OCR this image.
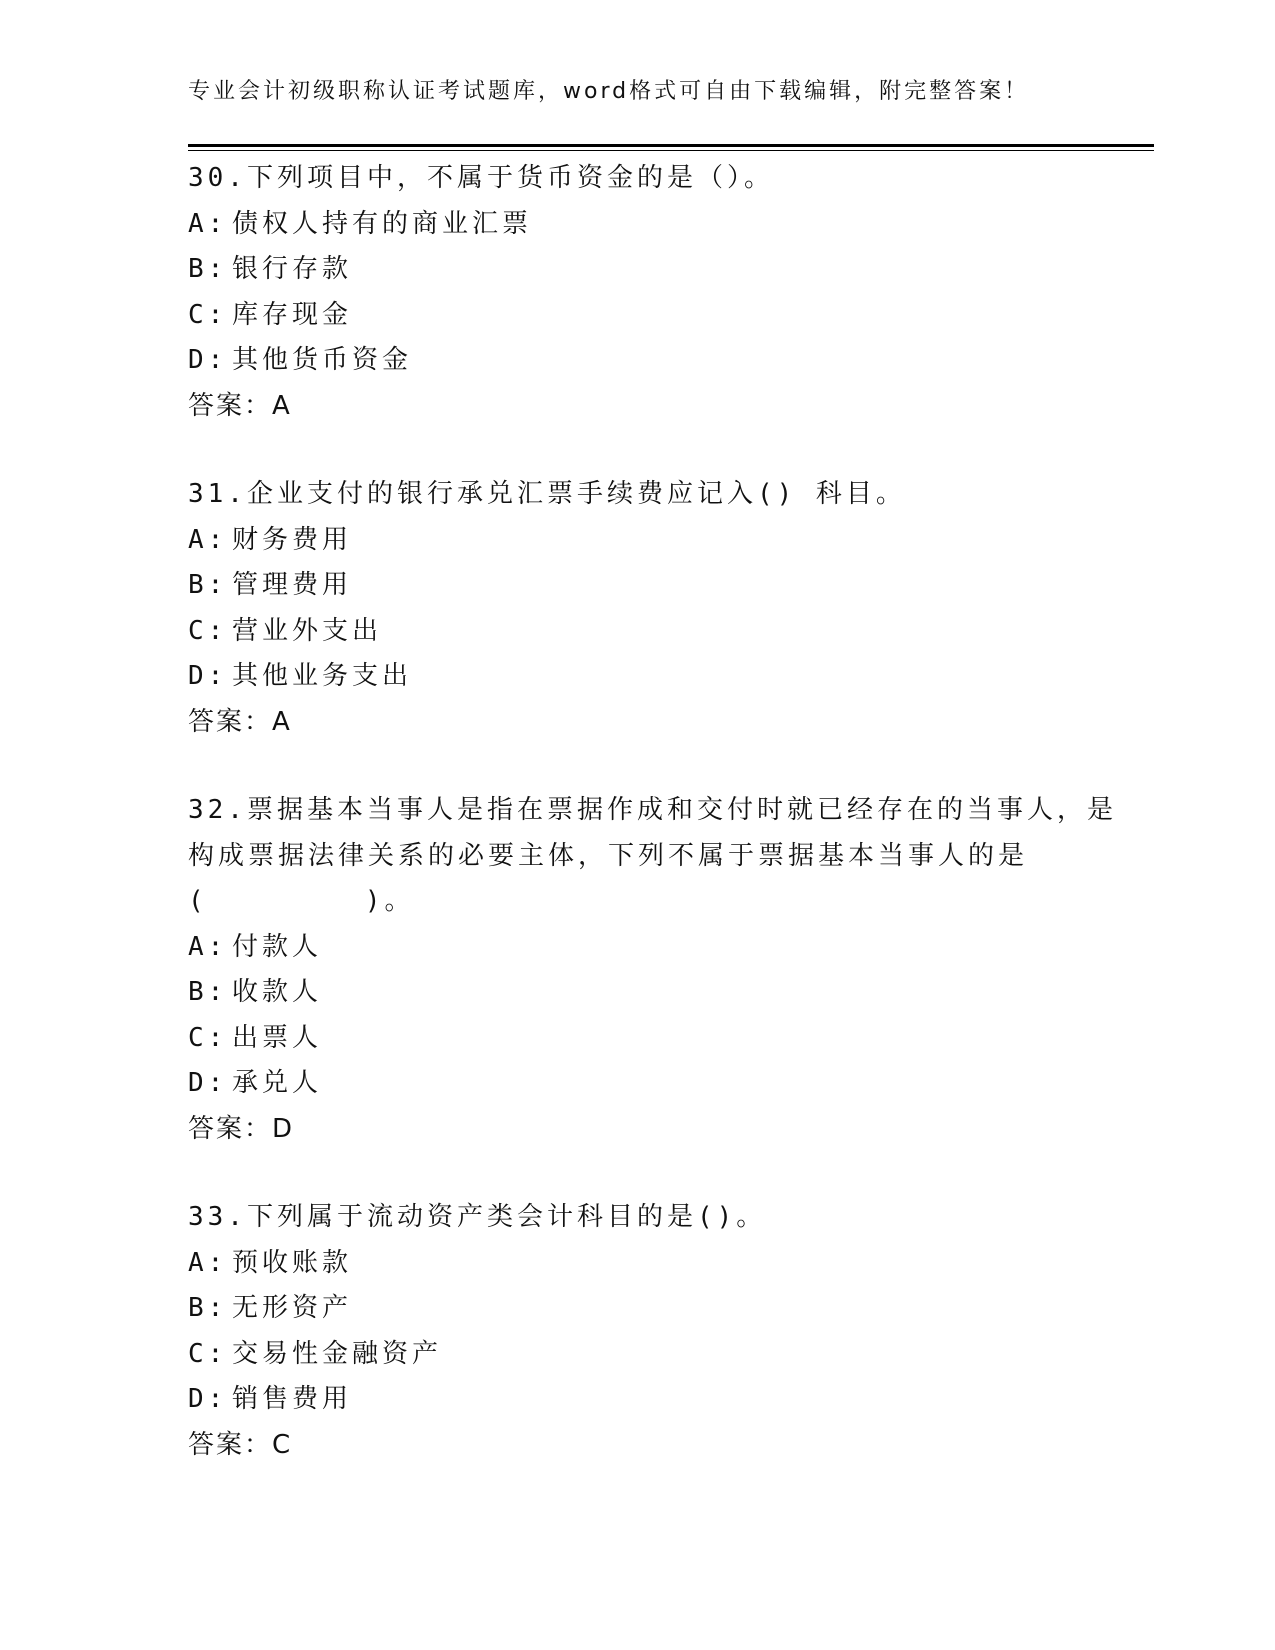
专业会计初级职称认证考试题库，word格式可自由下载编辑，附完整答案！
30.下列项目中，不属于货币资金的是（）。
A: 债权人持有的商业汇票
B: 银行存款
C: 库存现金
D: 其他货币资金
答案：A
31.企业支付的银行承兑汇票手续费应记入() 科目。
A: 财务费用
B: 管理费用
C: 营业外支出
D: 其他业务支出
答案：A
32.票据基本当事人是指在票据作成和交付时就已经存在的当事人，是
构成票据法律关系的必要主体，下列不属于票据基本当事人的是
(        )。
A: 付款人
B: 收款人
C: 出票人
D: 承兑人
答案：D
33.下列属于流动资产类会计科目的是()。
A: 预收账款
B: 无形资产
C: 交易性金融资产
D: 销售费用
答案：C
